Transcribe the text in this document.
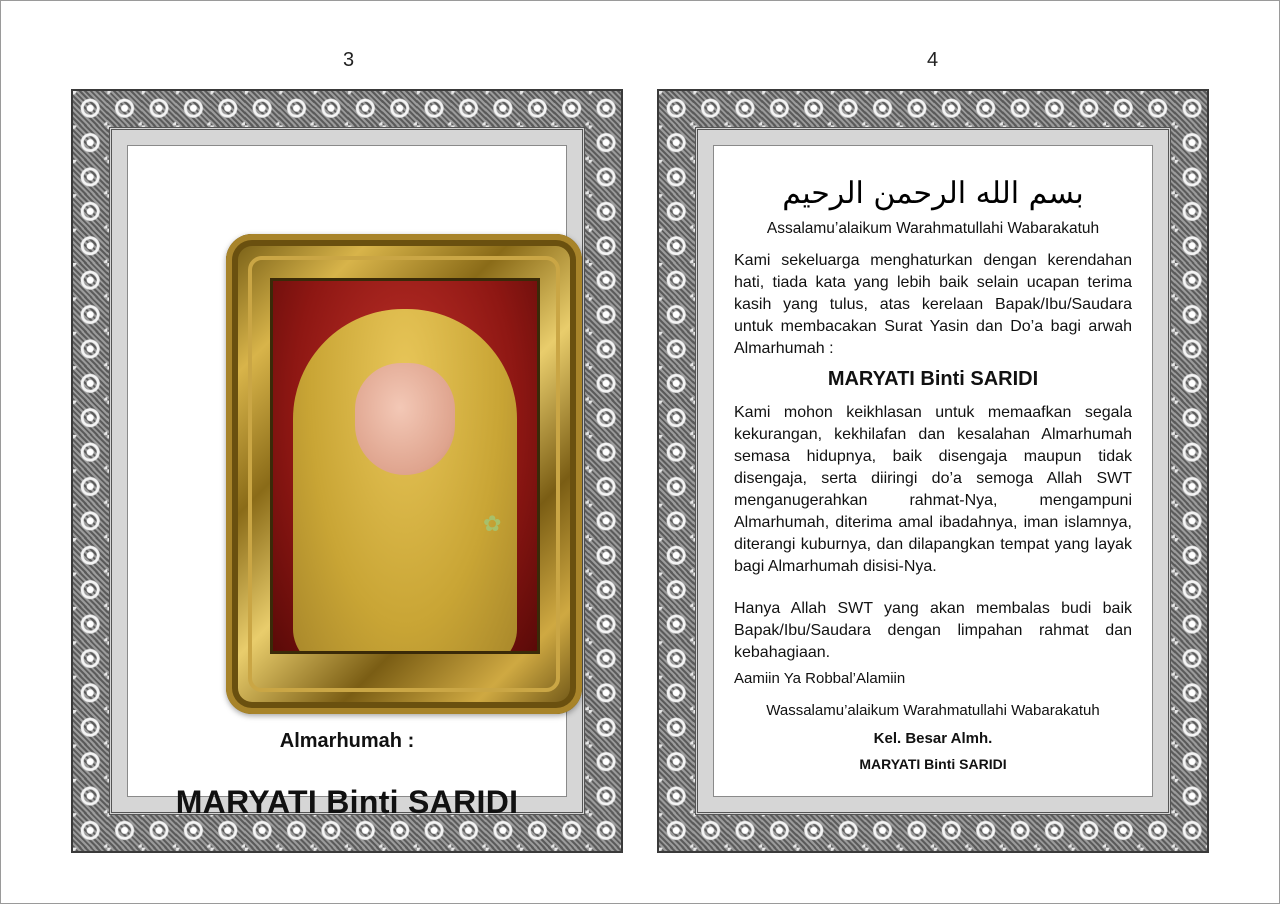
3
✿
Almarhumah :
MARYATI Binti SARIDI
4
بسم الله الرحمن الرحيم
Assalamu’alaikum Warahmatullahi Wabarakatuh
Kami sekeluarga menghaturkan dengan kerendahan hati, tiada kata yang lebih baik selain ucapan terima kasih yang tulus, atas kerelaan Bapak/Ibu/Saudara untuk membacakan Surat Yasin dan Do’a bagi arwah Almarhumah :
MARYATI Binti SARIDI
Kami mohon keikhlasan untuk memaafkan segala kekurangan, kekhilafan dan kesalahan Almarhumah semasa hidupnya, baik disengaja maupun tidak disengaja, serta diiringi do’a semoga Allah SWT menganugerahkan rahmat-Nya, mengampuni Almarhumah, diterima amal ibadahnya, iman islamnya, diterangi kuburnya, dan dilapangkan tempat yang layak bagi Almarhumah disisi-Nya.
Hanya Allah SWT yang akan membalas budi baik Bapak/Ibu/Saudara dengan limpahan rahmat dan kebahagiaan.
Aamiin Ya Robbal’Alamiin
Wassalamu’alaikum Warahmatullahi Wabarakatuh
Kel. Besar Almh.
MARYATI Binti SARIDI
